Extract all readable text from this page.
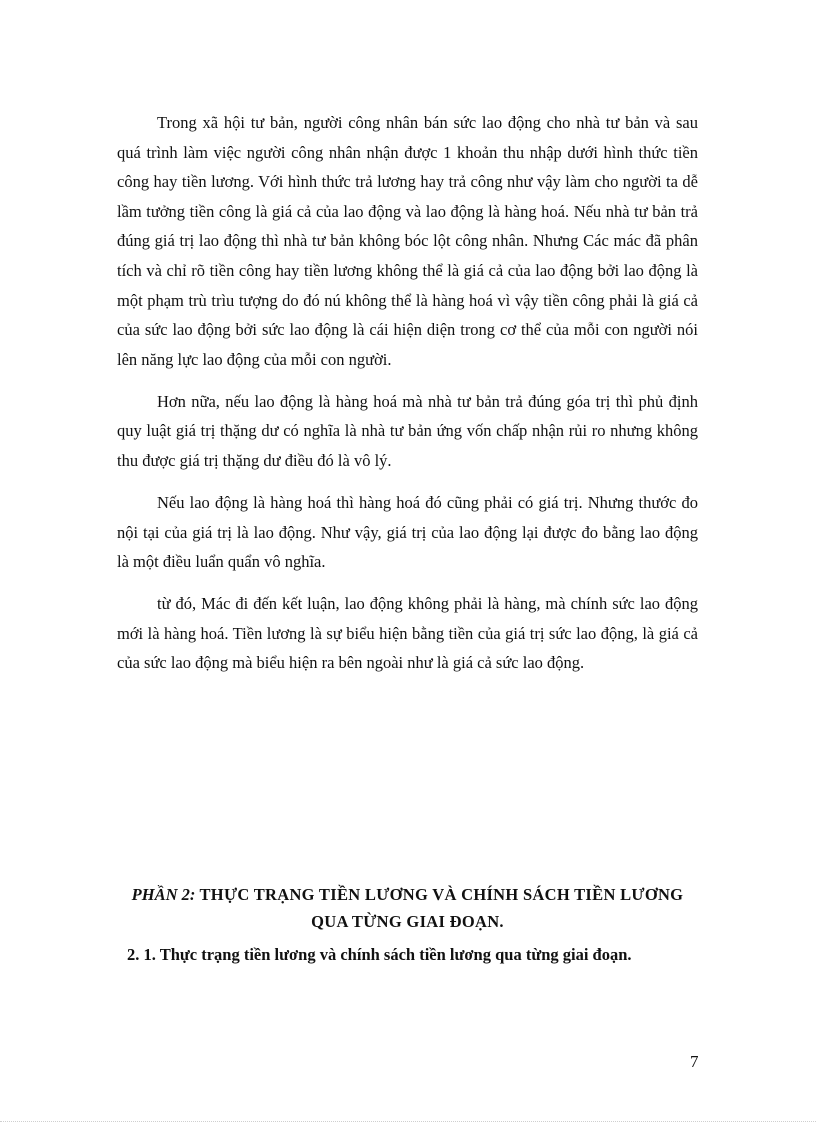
Trong xã hội tư bản, người công nhân bán sức lao động cho nhà tư bản và sau quá trình làm việc người công nhân nhận được 1 khoản thu nhập dưới hình thức tiền công hay tiền lương. Với hình thức trả lương hay trả công như vậy làm cho người ta dễ lầm tưởng tiền công là giá cả của lao động và lao động là hàng hoá. Nếu nhà tư bản trả đúng giá trị lao động thì nhà tư bản không bóc lột công nhân. Nhưng Các mác đã phân tích và chỉ rõ tiền công hay tiền lương không thể là giá cả của lao động bởi lao động là một phạm trù trìu tượng do đó nú không thể là hàng hoá vì vậy tiền công phải là giá cả của sức lao động bởi sức lao động là cái hiện diện trong cơ thể của mỗi con người nói lên năng lực lao động của mỗi con người.

Hơn nữa, nếu lao động là hàng hoá mà nhà tư bản trả đúng góa trị thì phủ định quy luật giá trị thặng dư có nghĩa là nhà tư bản ứng vốn chấp nhận rủi ro nhưng không thu được giá trị thặng dư điều đó là vô lý.

Nếu lao động là hàng hoá thì hàng hoá đó cũng phải có giá trị. Nhưng thước đo nội tại của giá trị là lao động. Như vậy, giá trị của lao động lại được đo bằng lao động là một điều luẩn quẩn vô nghĩa.

từ đó, Mác đi đến kết luận, lao động không phải là hàng, mà chính sức lao động mới là hàng hoá. Tiền lương là sự biểu hiện bằng tiền của giá trị sức lao động, là giá cả của sức lao động mà biểu hiện ra bên ngoài như là giá cả sức lao động.

PHẦN 2: THỰC TRẠNG TIỀN LƯƠNG VÀ CHÍNH SÁCH TIỀN LƯƠNG
QUA TỪNG GIAI ĐOẠN.
2. 1. Thực trạng tiền lương và chính sách tiền lương qua từng giai đoạn.
7
